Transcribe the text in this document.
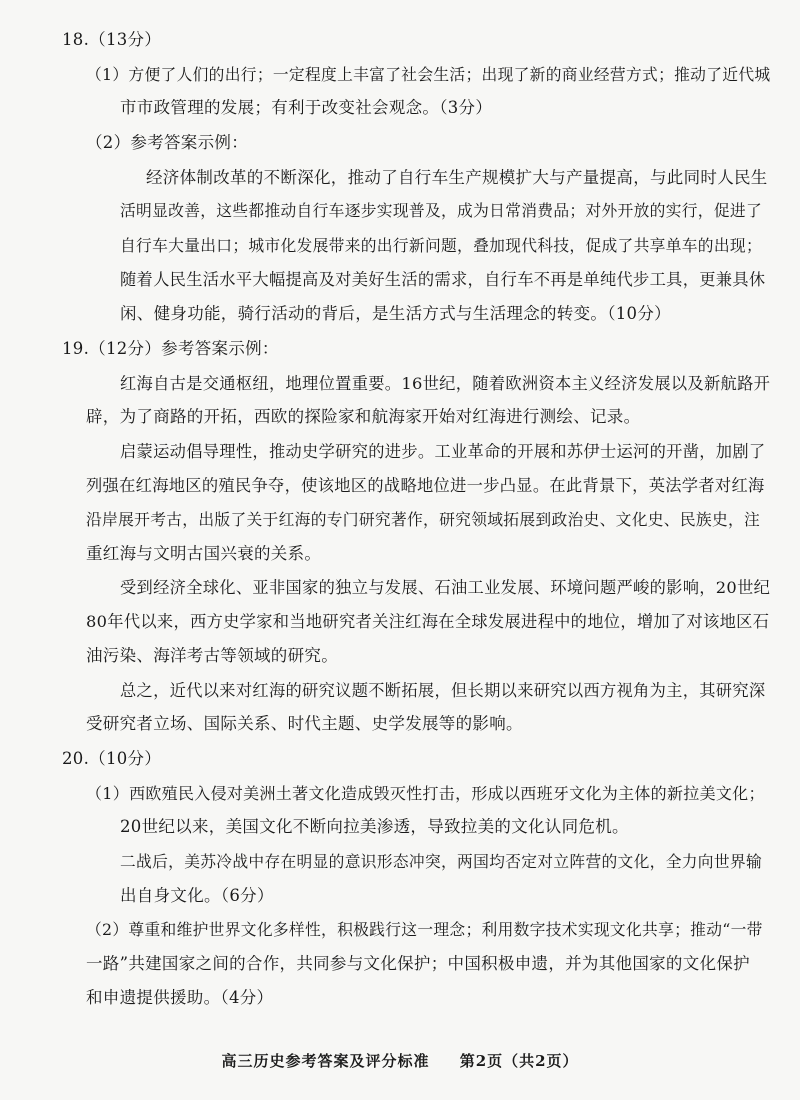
18.（13分）
（1）方便了人们的出行；一定程度上丰富了社会生活；出现了新的商业经营方式；推动了近代城
市市政管理的发展；有利于改变社会观念。（3分）
（2）参考答案示例：
经济体制改革的不断深化，推动了自行车生产规模扩大与产量提高，与此同时人民生
活明显改善，这些都推动自行车逐步实现普及，成为日常消费品；对外开放的实行，促进了
自行车大量出口；城市化发展带来的出行新问题，叠加现代科技，促成了共享单车的出现；
随着人民生活水平大幅提高及对美好生活的需求，自行车不再是单纯代步工具，更兼具休
闲、健身功能，骑行活动的背后，是生活方式与生活理念的转变。（10分）
19.（12分）参考答案示例：
红海自古是交通枢纽，地理位置重要。16世纪，随着欧洲资本主义经济发展以及新航路开
辟，为了商路的开拓，西欧的探险家和航海家开始对红海进行测绘、记录。
启蒙运动倡导理性，推动史学研究的进步。工业革命的开展和苏伊士运河的开凿，加剧了
列强在红海地区的殖民争夺，使该地区的战略地位进一步凸显。在此背景下，英法学者对红海
沿岸展开考古，出版了关于红海的专门研究著作，研究领域拓展到政治史、文化史、民族史，注
重红海与文明古国兴衰的关系。
受到经济全球化、亚非国家的独立与发展、石油工业发展、环境问题严峻的影响，20世纪
80年代以来，西方史学家和当地研究者关注红海在全球发展进程中的地位，增加了对该地区石
油污染、海洋考古等领域的研究。
总之，近代以来对红海的研究议题不断拓展，但长期以来研究以西方视角为主，其研究深
受研究者立场、国际关系、时代主题、史学发展等的影响。
20.（10分）
（1）西欧殖民入侵对美洲土著文化造成毁灭性打击，形成以西班牙文化为主体的新拉美文化；
20世纪以来，美国文化不断向拉美渗透，导致拉美的文化认同危机。
二战后，美苏冷战中存在明显的意识形态冲突，两国均否定对立阵营的文化，全力向世界输
出自身文化。（6分）
（2）尊重和维护世界文化多样性，积极践行这一理念；利用数字技术实现文化共享；推动“一带
一路”共建国家之间的合作，共同参与文化保护；中国积极申遗，并为其他国家的文化保护
和申遗提供援助。（4分）
高三历史参考答案及评分标准 第2页（共2页）
